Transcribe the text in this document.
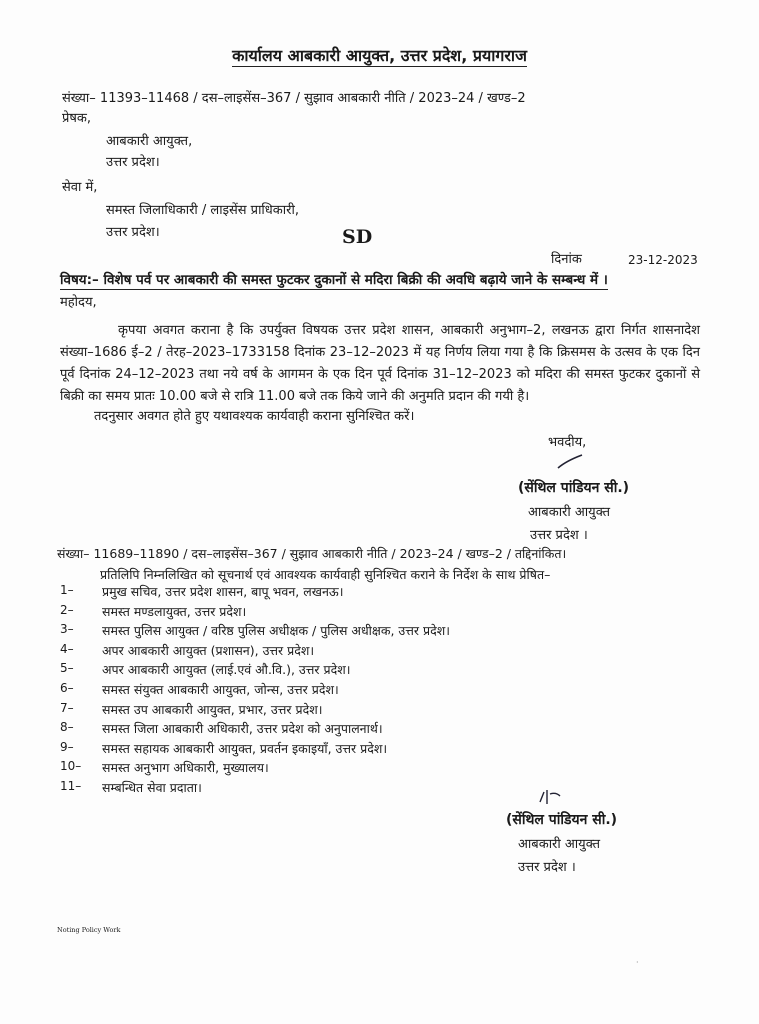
कार्यालय आबकारी आयुक्त, उत्तर प्रदेश, प्रयागराज
संख्या– 11393–11468 / दस–लाइसेंस–367 / सुझाव आबकारी नीति / 2023–24 / खण्ड–2
प्रेषक,
आबकारी आयुक्त,
उत्तर प्रदेश।
सेवा में,
समस्त जिलाधिकारी / लाइसेंस प्राधिकारी,
उत्तर प्रदेश।	SD
दिनांक	23-12-2023
विषय:– विशेष पर्व पर आबकारी की समस्त फुटकर दुकानों से मदिरा बिक्री की अवधि बढ़ाये जाने के सम्बन्ध में ।
महोदय,
कृपया अवगत कराना है कि उपर्युक्त विषयक उत्तर प्रदेश शासन, आबकारी अनुभाग–2, लखनऊ द्वारा निर्गत शासनादेश संख्या–1686 ई–2 / तेरह–2023–1733158 दिनांक 23–12–2023 में यह निर्णय लिया गया है कि क्रिसमस के उत्सव के एक दिन पूर्व दिनांक 24–12–2023 तथा नये वर्ष के आगमन के एक दिन पूर्व दिनांक 31–12–2023 को मदिरा की समस्त फुटकर दुकानों से बिक्री का समय प्रातः 10.00 बजे से रात्रि 11.00 बजे तक किये जाने की अनुमति प्रदान की गयी है।
तदनुसार अवगत होते हुए यथावश्यक कार्यवाही कराना सुनिश्चित करें।
भवदीय,
(सेंथिल पांडियन सी.)
आबकारी आयुक्त
उत्तर प्रदेश ।
संख्या– 11689–11890 / दस–लाइसेंस–367 / सुझाव आबकारी नीति / 2023–24 / खण्ड–2 / तद्दिनांकित।
प्रतिलिपि निम्नलिखित को सूचनार्थ एवं आवश्यक कार्यवाही सुनिश्चित कराने के निर्देश के साथ प्रेषित–
1– प्रमुख सचिव, उत्तर प्रदेश शासन, बापू भवन, लखनऊ।
2– समस्त मण्डलायुक्त, उत्तर प्रदेश।
3– समस्त पुलिस आयुक्त / वरिष्ठ पुलिस अधीक्षक / पुलिस अधीक्षक, उत्तर प्रदेश।
4– अपर आबकारी आयुक्त (प्रशासन), उत्तर प्रदेश।
5– अपर आबकारी आयुक्त (लाई.एवं औ.वि.), उत्तर प्रदेश।
6– समस्त संयुक्त आबकारी आयुक्त, जोन्स, उत्तर प्रदेश।
7– समस्त उप आबकारी आयुक्त, प्रभार, उत्तर प्रदेश।
8– समस्त जिला आबकारी अधिकारी, उत्तर प्रदेश को अनुपालनार्थ।
9– समस्त सहायक आबकारी आयुक्त, प्रवर्तन इकाइयाँ, उत्तर प्रदेश।
10– समस्त अनुभाग अधिकारी, मुख्यालय।
11– सम्बन्धित सेवा प्रदाता।
(सेंथिल पांडियन सी.)
आबकारी आयुक्त
उत्तर प्रदेश ।
Noting Policy Work
·
